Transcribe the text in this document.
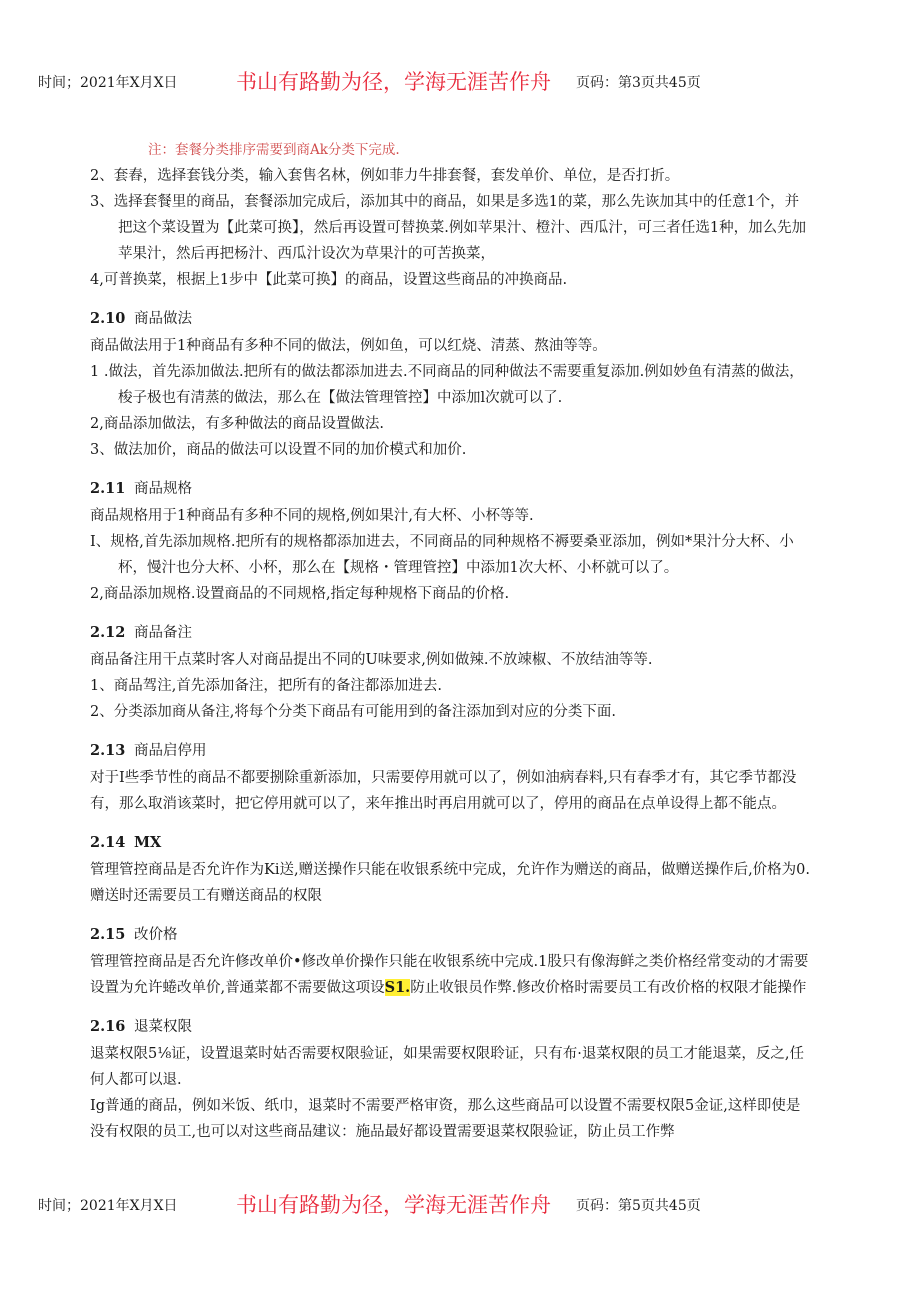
时间；2021年X月X日	书山有路勤为径，学海无涯苦作舟 页码：第3页共45页

注：套餐分类排序需要到商Ak分类下完成.

2、套舂，选择套钱分类，输入套售名林，例如菲力牛排套餐，套发单价、单位，是否打折。

3、选择套餐里的商品，套餐添加完成后，添加其中的商品，如果是多选1的菜，那么先诙加其中的任意1个，并把这个菜设置为【此菜可换】，然后再设置可替换菜.例如苹果汁、橙汁、西瓜汁，可三者任选1种，加么先加苹果汁，然后再把杨汁、西瓜汁设次为草果汁的可苦换菜，

4,可普换菜，根据上1步中【此菜可换】的商品，设置这些商品的冲换商品.

2.10 商品做法

商品做法用于1种商品有多种不同的做法，例如鱼，可以红烧、清蒸、熬油等等。

1 .做法，首先添加做法.把所有的做法都添加进去.不同商品的同种做法不需要重复添加.例如妙鱼有清蒸的做法，梭子极也有清蒸的做法，那么在【做法管理管控】中添加l次就可以了.

2,商品添加做法，有多种做法的商品设置做法.

3、做法加价，商品的做法可以设置不同的加价模式和加价.

2.11 商品规格

商品规格用于1种商品有多种不同的规格,例如果汁,有大杯、小杯等等.

I、规格,首先添加规格.把所有的规格都添加进去，不同商品的同种规格不褥要桑亚添加，例如*果汁分大杯、小杯，慢汁也分大杯、小杯，那么在【规格・管理管控】中添加1次大杯、小杯就可以了。

2,商品添加规格.设置商品的不同规格,指定每种规格下商品的价格.

2.12 商品备注

商品备注用干点菜时客人对商品提出不同的U味要求,例如做辣.不放竦椒、不放结油等等.

1、商品驾注,首先添加备注，把所有的备注都添加进去.

2、分类添加商从备注,将每个分类下商品有可能用到的备注添加到对应的分类下面.

2.13 商品启停用

对于I些季节性的商品不都要捌除重新添加，只需要停用就可以了，例如油病春料,只有春季才有，其它季节都没有，那么取消该菜时，把它停用就可以了，来年推出时再启用就可以了，停用的商品在点单设得上都不能点。

2.14 MX

管理管控商品是否允许作为Ki送,赠送操作只能在收银系统中完成，允许作为赠送的商品，做赠送操作后,价格为0.赠送时还需要员工有赠送商品的权限

2.15 改价格

管理管控商品是否允许修改单价•修改单价操作只能在收银系统中完成.1股只有像海鲜之类价格经常变动的才需要设置为允许蜷改单价,普通菜都不需要做这项设S1.防止收银员作弊.修改价格时需要员工有改价格的权限才能操作

2.16 退菜权限

退菜权限5⅛证，设置退菜时姑否需要权限验证，如果需要权限聆证，只有布·退菜权限的员工才能退菜，反之,任何人都可以退.

Ig普通的商品，例如米饭、纸巾，退菜时不需要严格审资，那么这些商品可以设置不需要权限5金证,这样即使是没有权限的员工,也可以对这些商品建议：施品最好都设置需要退菜权限验证，防止员工作弊

时间；2021年X月X日	书山有路勤为径，学海无涯苦作舟 页码：第5页共45页
